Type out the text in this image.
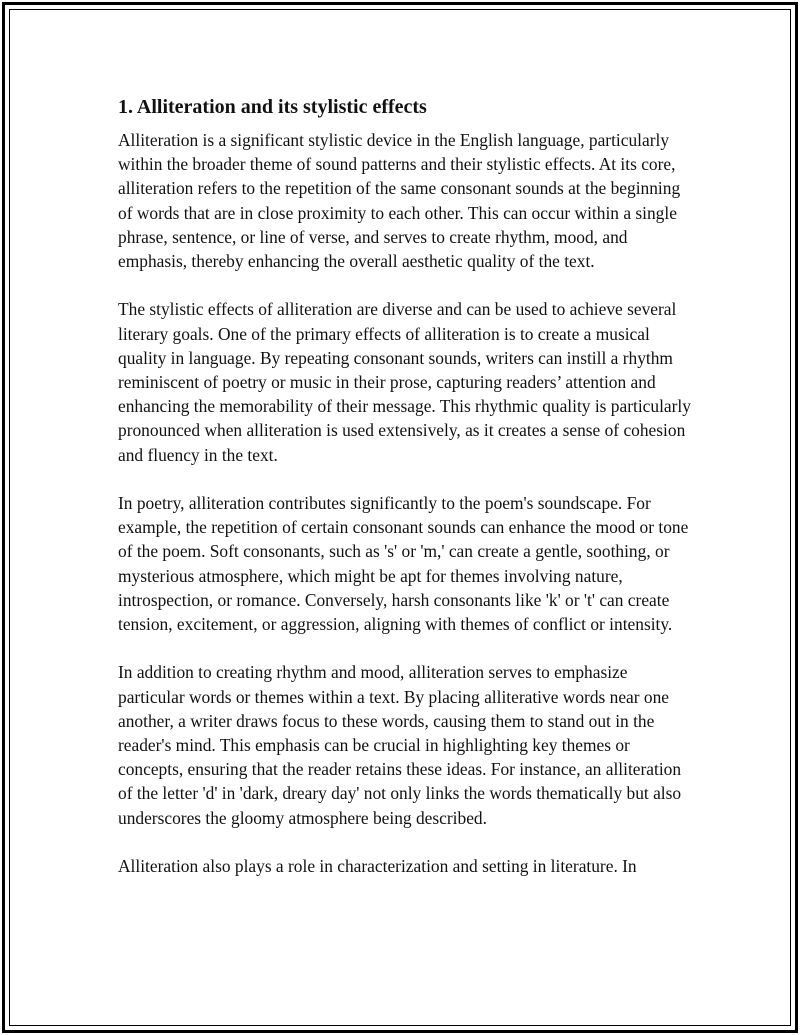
1. Alliteration and its stylistic effects

Alliteration is a significant stylistic device in the English language, particularly within the broader theme of sound patterns and their stylistic effects. At its core, alliteration refers to the repetition of the same consonant sounds at the beginning of words that are in close proximity to each other. This can occur within a single phrase, sentence, or line of verse, and serves to create rhythm, mood, and emphasis, thereby enhancing the overall aesthetic quality of the text.

The stylistic effects of alliteration are diverse and can be used to achieve several literary goals. One of the primary effects of alliteration is to create a musical quality in language. By repeating consonant sounds, writers can instill a rhythm reminiscent of poetry or music in their prose, capturing readers’ attention and enhancing the memorability of their message. This rhythmic quality is particularly pronounced when alliteration is used extensively, as it creates a sense of cohesion and fluency in the text.

In poetry, alliteration contributes significantly to the poem's soundscape. For example, the repetition of certain consonant sounds can enhance the mood or tone of the poem. Soft consonants, such as 's' or 'm,' can create a gentle, soothing, or mysterious atmosphere, which might be apt for themes involving nature, introspection, or romance. Conversely, harsh consonants like 'k' or 't' can create tension, excitement, or aggression, aligning with themes of conflict or intensity.

In addition to creating rhythm and mood, alliteration serves to emphasize particular words or themes within a text. By placing alliterative words near one another, a writer draws focus to these words, causing them to stand out in the reader's mind. This emphasis can be crucial in highlighting key themes or concepts, ensuring that the reader retains these ideas. For instance, an alliteration of the letter 'd' in 'dark, dreary day' not only links the words thematically but also underscores the gloomy atmosphere being described.

Alliteration also plays a role in characterization and setting in literature. In
